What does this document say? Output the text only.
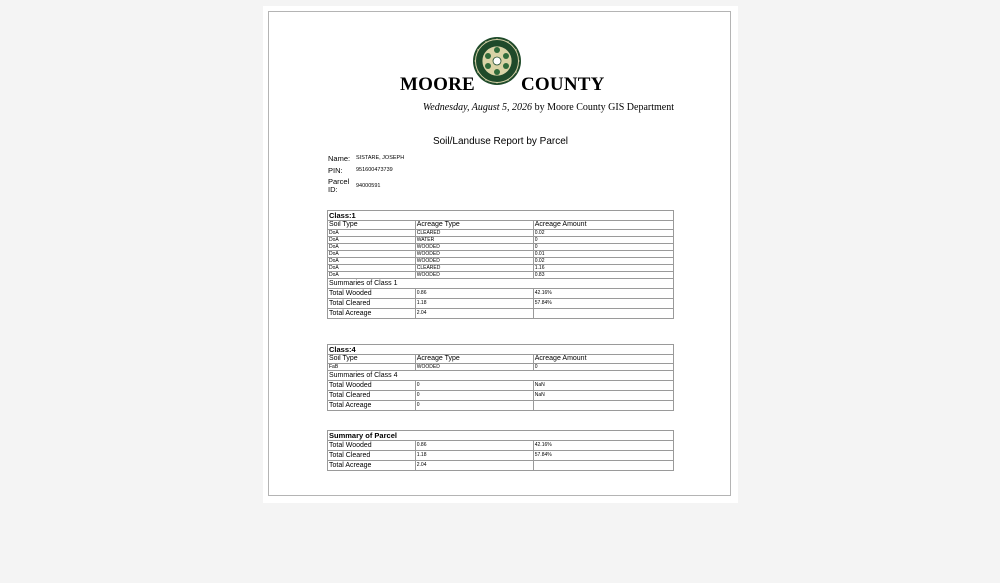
MOORE COUNTY
Wednesday, August 5, 2026 by Moore County GIS Department
Soil/Landuse Report by Parcel
Name:	SISTARE, JOSEPH
PIN:	951600473739
Parcel
ID:	94000591
Class:1		
Soil Type	Acreage Type	Acreage Amount
DoA	CLEARED	0.02
DoA	WATER	0
DoA	WOODED	0
DoA	WOODED	0.01
DoA	WOODED	0.02
DoA	CLEARED	1.16
DoA	WOODED	0.83
Summaries of Class 1		
Total Wooded	0.86	42.16%
Total Cleared	1.18	57.84%
Total Acreage	2.04	
Class:4		
Soil Type	Acreage Type	Acreage Amount
FaB	WOODED	0
Summaries of Class 4		
Total Wooded	0	NaN
Total Cleared	0	NaN
Total Acreage	0	
Summary of Parcel		
Total Wooded	0.86	42.16%
Total Cleared	1.18	57.84%
Total Acreage	2.04	
